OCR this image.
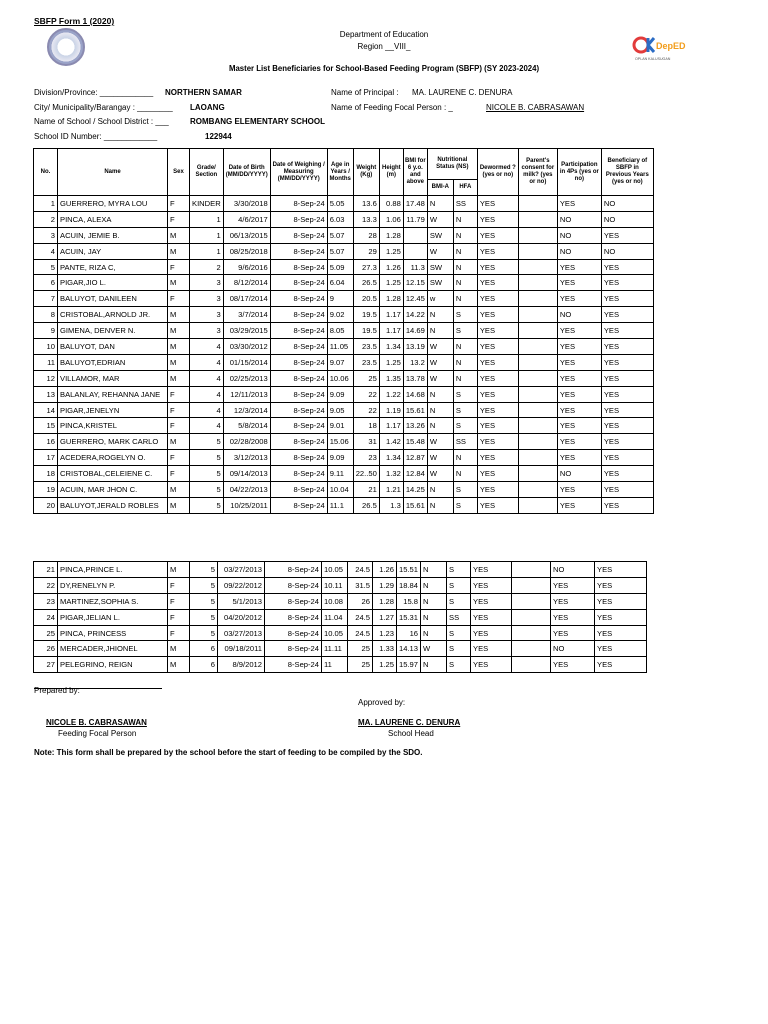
SBFP Form 1 (2020)
Department of Education
Region __VIII_
Master List Beneficiaries for School-Based Feeding Program (SBFP) (SY 2023-2024)
DepED
OPLAN KALUSUGAN
Division/Province: ____________ NORTHERN SAMAR
City/ Municipality/Barangay : ________ LAOANG
Name of School / School District : ___	ROMBANG ELEMENTARY SCHOOL
School ID Number: ____________	122944
Name of Principal : MA. LAURENE C. DENURA
Name of Feeding Focal Person : _	NICOLE B. CABRASAWAN
No.	Name	Sex	Grade/ Section	Date of Birth (MM/DD/YYYY)	Date of Weighing / Measuring (MM/DD/YYYY)	Age in Years / Months	Weight (Kg)	Height (m)	BMI for 6 y.o. and above	Nutritional Status (NS)		Dewormed ? (yes or no)	Parent's consent for milk? (yes or no)	Participation in 4Ps (yes or no)	Beneficiary of SBFP in Previous Years (yes or no)
										BMI-A	HFA				
1	GUERRERO, MYRA LOU	F	KINDER	3/30/2018	8-Sep-24	5.05	13.6	0.88	17.48	N	SS	YES		YES	NO
2	PINCA, ALEXA	F	1	4/6/2017	8-Sep-24	6.03	13.3	1.06	11.79	W	N	YES		NO	NO
3	ACUIN, JEMIE B.	M	1	06/13/2015	8-Sep-24	5.07	28	1.28		SW	N	YES		NO	YES
4	ACUIN, JAY	M	1	08/25/2018	8-Sep-24	5.07	29	1.25		W	N	YES		NO	NO
5	PANTE, RIZA C,	F	2	9/6/2016	8-Sep-24	5.09	27.3	1.26	11.3	SW	N	YES		YES	YES
6	PIGAR,JIO L.	M	3	8/12/2014	8-Sep-24	6.04	26.5	1.25	12.15	SW	N	YES		YES	YES
7	BALUYOT, DANILEEN	F	3	08/17/2014	8-Sep-24	9	20.5	1.28	12.45	w	N	YES		YES	YES
8	CRISTOBAL,ARNOLD JR.	M	3	3/7/2014	8-Sep-24	9.02	19.5	1.17	14.22	N	S	YES		NO	YES
9	GIMENA, DENVER N.	M	3	03/29/2015	8-Sep-24	8.05	19.5	1.17	14.69	N	S	YES		YES	YES
10	BALUYOT, DAN	M	4	03/30/2012	8-Sep-24	11.05	23.5	1.34	13.19	W	N	YES		YES	YES
11	BALUYOT,EDRIAN	M	4	01/15/2014	8-Sep-24	9.07	23.5	1.25	13.2	W	N	YES		YES	YES
12	VILLAMOR, MAR	M	4	02/25/2013	8-Sep-24	10.06	25	1.35	13.78	W	N	YES		YES	YES
13	BALANLAY, REHANNA JANE	F	4	12/11/2013	8-Sep-24	9.09	22	1.22	14.68	N	S	YES		YES	YES
14	PIGAR,JENELYN	F	4	12/3/2014	8-Sep-24	9.05	22	1.19	15.61	N	S	YES		YES	YES
15	PINCA,KRISTEL	F	4	5/8/2014	8-Sep-24	9.01	18	1.17	13.26	N	S	YES		YES	YES
16	GUERRERO, MARK CARLO	M	5	02/28/2008	8-Sep-24	15.06	31	1.42	15.48	W	SS	YES		YES	YES
17	ACEDERA,ROGELYN O.	F	5	3/12/2013	8-Sep-24	9.09	23	1.34	12.87	W	N	YES		YES	YES
18	CRISTOBAL,CELEIENE C.	F	5	09/14/2013	8-Sep-24	9.11	22..50	1.32	12.84	W	N	YES		NO	YES
19	ACUIN, MAR JHON C.	M	5	04/22/2013	8-Sep-24	10.04	21	1.21	14.25	N	S	YES		YES	YES
20	BALUYOT,JERALD ROBLES	M	5	10/25/2011	8-Sep-24	11.1	26.5	1.3	15.61	N	S	YES		YES	YES
21	PINCA,PRINCE L.	M	5	03/27/2013	8-Sep-24	10.05	24.5	1.26	15.51	N	S	YES		NO	YES
22	DY,RENELYN P.	F	5	09/22/2012	8-Sep-24	10.11	31.5	1.29	18.84	N	S	YES		YES	YES
23	MARTINEZ,SOPHIA S.	F	5	5/1/2013	8-Sep-24	10.08	26	1.28	15.8	N	S	YES		YES	YES
24	PIGAR,JELIAN L.	F	5	04/20/2012	8-Sep-24	11.04	24.5	1.27	15.31	N	SS	YES		YES	YES
25	PINCA, PRINCESS	F	5	03/27/2013	8-Sep-24	10.05	24.5	1.23	16	N	S	YES		YES	YES
26	MERCADER,JHIONEL	M	6	09/18/2011	8-Sep-24	11.11	25	1.33	14.13	W	S	YES		NO	YES
27	PELEGRINO, REIGN	M	6	8/9/2012	8-Sep-24	11	25	1.25	15.97	N	S	YES		YES	YES
Prepared by:
Approved by:
NICOLE B. CABRASAWAN
Feeding Focal Person
MA. LAURENE C. DENURA
School Head
Note: This form shall be prepared by the school before the start of feeding to be compiled by the SDO.
